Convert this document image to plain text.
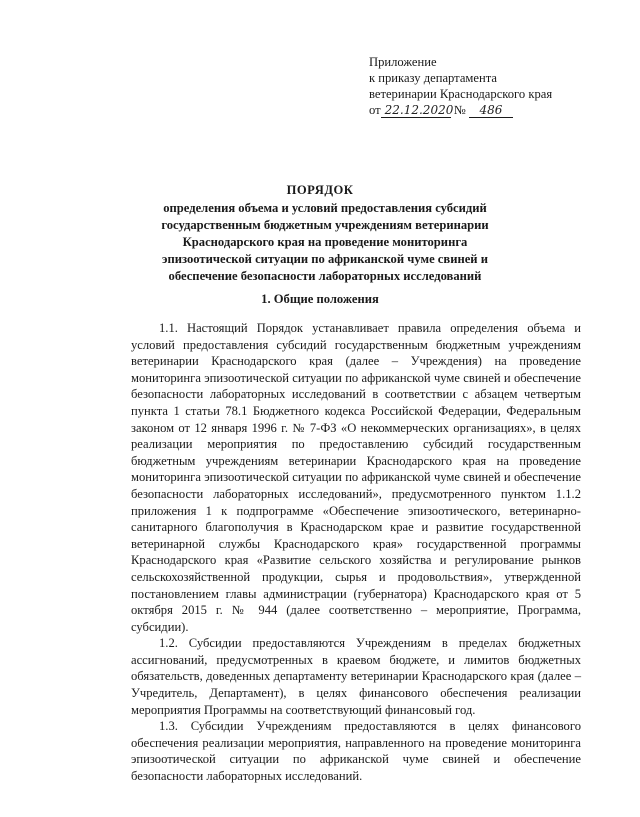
Приложение
к приказу департамента
ветеринарии Краснодарского края
от 22.12.2020 № 486
ПОРЯДОК
определения объема и условий предоставления субсидий государственным бюджетным учреждениям ветеринарии Краснодарского края на проведение мониторинга эпизоотической ситуации по африканской чуме свиней и обеспечение безопасности лабораторных исследований
1. Общие положения

1.1. Настоящий Порядок устанавливает правила определения объема и условий предоставления субсидий государственным бюджетным учреждениям ветеринарии Краснодарского края (далее – Учреждения) на проведение мониторинга эпизоотической ситуации по африканской чуме свиней и обеспечение безопасности лабораторных исследований в соответствии с абзацем четвертым пункта 1 статьи 78.1 Бюджетного кодекса Российской Федерации, Федеральным законом от 12 января 1996 г. № 7-ФЗ «О некоммерческих организациях», в целях реализации мероприятия по предоставлению субсидий государственным бюджетным учреждениям ветеринарии Краснодарского края на проведение мониторинга эпизоотической ситуации по африканской чуме свиней и обеспечение безопасности лабораторных исследований», предусмотренного пунктом 1.1.2 приложения 1 к подпрограмме «Обеспечение эпизоотического, ветеринарно-санитарного благополучия в Краснодарском крае и развитие государственной ветеринарной службы Краснодарского края» государственной программы Краснодарского края «Развитие сельского хозяйства и регулирование рынков сельскохозяйственной продукции, сырья и продовольствия», утвержденной постановлением главы администрации (губернатора) Краснодарского края от 5 октября 2015 г. № 944 (далее соответственно – мероприятие, Программа, субсидии).

1.2. Субсидии предоставляются Учреждениям в пределах бюджетных ассигнований, предусмотренных в краевом бюджете, и лимитов бюджетных обязательств, доведенных департаменту ветеринарии Краснодарского края (далее – Учредитель, Департамент), в целях финансового обеспечения реализации мероприятия Программы на соответствующий финансовый год.

1.3. Субсидии Учреждениям предоставляются в целях финансового обеспечения реализации мероприятия, направленного на проведение мониторинга эпизоотической ситуации по африканской чуме свиней и обеспечение безопасности лабораторных исследований.
